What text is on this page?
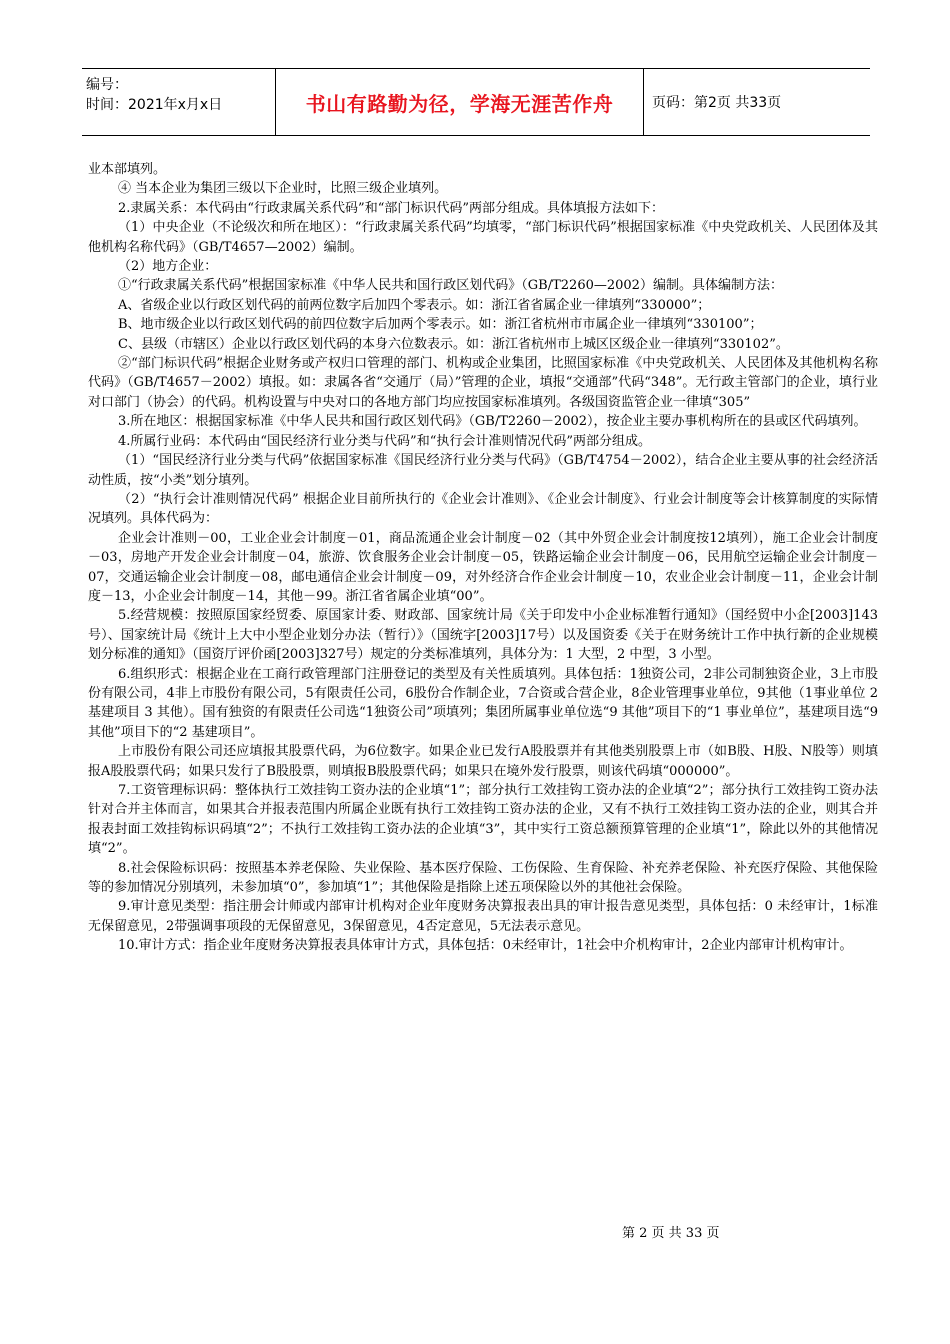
编号：
时间：2021年x月x日	书山有路勤为径，学海无涯苦作舟	页码：第2页 共33页

业本部填列。

④ 当本企业为集团三级以下企业时，比照三级企业填列。

2.隶属关系：本代码由“行政隶属关系代码”和“部门标识代码”两部分组成。具体填报方法如下：

（1）中央企业（不论级次和所在地区）：“行政隶属关系代码”均填零，“部门标识代码”根据国家标准《中央党政机关、人民团体及其他机构名称代码》（GB/T4657—2002）编制。

（2）地方企业：

①“行政隶属关系代码”根据国家标准《中华人民共和国行政区划代码》（GB/T2260—2002）编制。具体编制方法：

A、省级企业以行政区划代码的前两位数字后加四个零表示。如：浙江省省属企业一律填列“330000”；

B、地市级企业以行政区划代码的前四位数字后加两个零表示。如：浙江省杭州市市属企业一律填列“330100”；

C、县级（市辖区）企业以行政区划代码的本身六位数表示。如：浙江省杭州市上城区区级企业一律填列“330102”。

②“部门标识代码”根据企业财务或产权归口管理的部门、机构或企业集团，比照国家标准《中央党政机关、人民团体及其他机构名称代码》（GB/T4657－2002）填报。如：隶属各省“交通厅（局）”管理的企业，填报“交通部”代码“348”。无行政主管部门的企业，填行业对口部门（协会）的代码。机构设置与中央对口的各地方部门均应按国家标准填列。各级国资监管企业一律填“305”

3.所在地区：根据国家标准《中华人民共和国行政区划代码》（GB/T2260－2002），按企业主要办事机构所在的县或区代码填列。

4.所属行业码：本代码由“国民经济行业分类与代码”和“执行会计准则情况代码”两部分组成。

（1）“国民经济行业分类与代码”依据国家标准《国民经济行业分类与代码》（GB/T4754－2002），结合企业主要从事的社会经济活动性质，按“小类”划分填列。

（2）“执行会计准则情况代码” 根据企业目前所执行的《企业会计准则》、《企业会计制度》、行业会计制度等会计核算制度的实际情况填列。具体代码为：

企业会计准则－00，工业企业会计制度－01，商品流通企业会计制度－02（其中外贸企业会计制度按12填列），施工企业会计制度－03，房地产开发企业会计制度－04，旅游、饮食服务企业会计制度－05，铁路运输企业会计制度－06，民用航空运输企业会计制度－07，交通运输企业会计制度－08，邮电通信企业会计制度－09，对外经济合作企业会计制度－10，农业企业会计制度－11，企业会计制度－13，小企业会计制度－14，其他－99。浙江省省属企业填“00”。

5.经营规模：按照原国家经贸委、原国家计委、财政部、国家统计局《关于印发中小企业标准暂行通知》（国经贸中小企[2003]143号）、国家统计局《统计上大中小型企业划分办法（暂行）》（国统字[2003]17号）以及国资委《关于在财务统计工作中执行新的企业规模划分标准的通知》（国资厅评价函[2003]327号）规定的分类标准填列，具体分为：1 大型，2 中型，3 小型。

6.组织形式：根据企业在工商行政管理部门注册登记的类型及有关性质填列。具体包括：1独资公司，2非公司制独资企业，3上市股份有限公司，4非上市股份有限公司，5有限责任公司，6股份合作制企业，7合资或合营企业，8企业管理事业单位，9其他（1事业单位 2 基建项目 3 其他）。国有独资的有限责任公司选“1独资公司”项填列；集团所属事业单位选“9 其他”项目下的“1 事业单位”，基建项目选“9 其他”项目下的“2 基建项目”。

上市股份有限公司还应填报其股票代码，为6位数字。如果企业已发行A股股票并有其他类别股票上市（如B股、H股、N股等）则填报A股股票代码；如果只发行了B股股票，则填报B股股票代码；如果只在境外发行股票，则该代码填“000000”。

7.工资管理标识码：整体执行工效挂钩工资办法的企业填“1”；部分执行工效挂钩工资办法的企业填“2”；部分执行工效挂钩工资办法针对合并主体而言，如果其合并报表范围内所属企业既有执行工效挂钩工资办法的企业，又有不执行工效挂钩工资办法的企业，则其合并报表封面工效挂钩标识码填“2”；不执行工效挂钩工资办法的企业填“3”，其中实行工资总额预算管理的企业填“1”，除此以外的其他情况填“2”。

8.社会保险标识码：按照基本养老保险、失业保险、基本医疗保险、工伤保险、生育保险、补充养老保险、补充医疗保险、其他保险等的参加情况分别填列，未参加填“0”，参加填“1”；其他保险是指除上述五项保险以外的其他社会保险。

9.审计意见类型：指注册会计师或内部审计机构对企业年度财务决算报表出具的审计报告意见类型，具体包括：0 未经审计，1标准无保留意见，2带强调事项段的无保留意见，3保留意见，4否定意见，5无法表示意见。

10.审计方式：指企业年度财务决算报表具体审计方式，具体包括：0未经审计，1社会中介机构审计，2企业内部审计机构审计。

第 2 页 共 33 页
